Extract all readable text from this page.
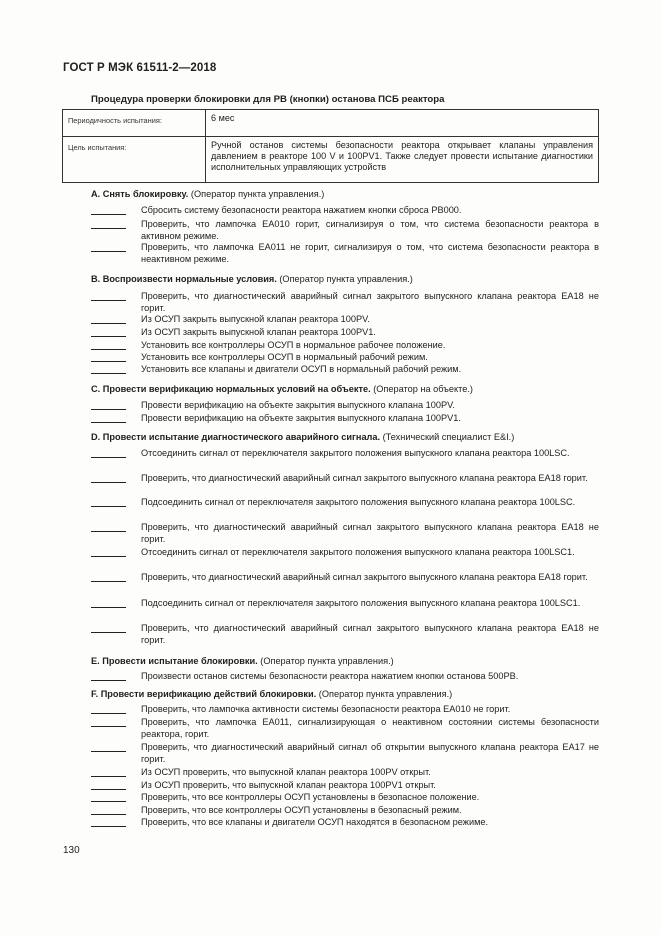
ГОСТ Р МЭК 61511-2—2018
Процедура проверки блокировки для РВ (кнопки) останова ПСБ реактора
Периодичность испытания:	6 мес
Цель испытания:	Ручной останов системы безопасности реактора открывает клапаны управления давлением в реакторе 100 V и 100PV1. Также следует провести испытание диагностики исполнительных управляющих устройств
A. Снять блокировку. (Оператор пункта управления.)
Сбросить систему безопасности реактора нажатием кнопки сброса РВ000.
Проверить, что лампочка ЕА010 горит, сигнализируя о том, что система безопасности реактора в активном режиме.
Проверить, что лампочка ЕА011 не горит, сигнализируя о том, что система безопасности реактора в неактивном режиме.
B. Воспроизвести нормальные условия. (Оператор пункта управления.)
Проверить, что диагностический аварийный сигнал закрытого выпускного клапана реактора ЕА18 не горит.
Из ОСУП закрыть выпускной клапан реактора 100PV.
Из ОСУП закрыть выпускной клапан реактора 100PV1.
Установить все контроллеры ОСУП в нормальное рабочее положение.
Установить все контроллеры ОСУП в нормальный рабочий режим.
Установить все клапаны и двигатели ОСУП в нормальный рабочий режим.
C. Провести верификацию нормальных условий на объекте. (Оператор на объекте.)
Провести верификацию на объекте закрытия выпускного клапана 100PV.
Провести верификацию на объекте закрытия выпускного клапана 100PV1.
D. Провести испытание диагностического аварийного сигнала. (Технический специалист E&I.)
Отсоединить сигнал от переключателя закрытого положения выпускного клапана реактора 100LSC.
Проверить, что диагностический аварийный сигнал закрытого выпускного клапана реактора ЕА18 горит.
Подсоединить сигнал от переключателя закрытого положения выпускного клапана реактора 100LSC.
Проверить, что диагностический аварийный сигнал закрытого выпускного клапана реактора ЕА18 не горит.
Отсоединить сигнал от переключателя закрытого положения выпускного клапана реактора 100LSC1.
Проверить, что диагностический аварийный сигнал закрытого выпускного клапана реактора ЕА18 горит.
Подсоединить сигнал от переключателя закрытого положения выпускного клапана реактора 100LSC1.
Проверить, что диагностический аварийный сигнал закрытого выпускного клапана реактора ЕА18 не горит.
E. Провести испытание блокировки. (Оператор пункта управления.)
Произвести останов системы безопасности реактора нажатием кнопки останова 500РВ.
F. Провести верификацию действий блокировки. (Оператор пункта управления.)
Проверить, что лампочка активности системы безопасности реактора ЕА010 не горит.
Проверить, что лампочка ЕА011, сигнализирующая о неактивном состоянии системы безопасности реактора, горит.
Проверить, что диагностический аварийный сигнал об открытии выпускного клапана реактора ЕА17 не горит.
Из ОСУП проверить, что выпускной клапан реактора 100PV открыт.
Из ОСУП проверить, что выпускной клапан реактора 100PV1 открыт.
Проверить, что все контроллеры ОСУП установлены в безопасное положение.
Проверить, что все контроллеры ОСУП установлены в безопасный режим.
Проверить, что все клапаны и двигатели ОСУП находятся в безопасном режиме.
130
